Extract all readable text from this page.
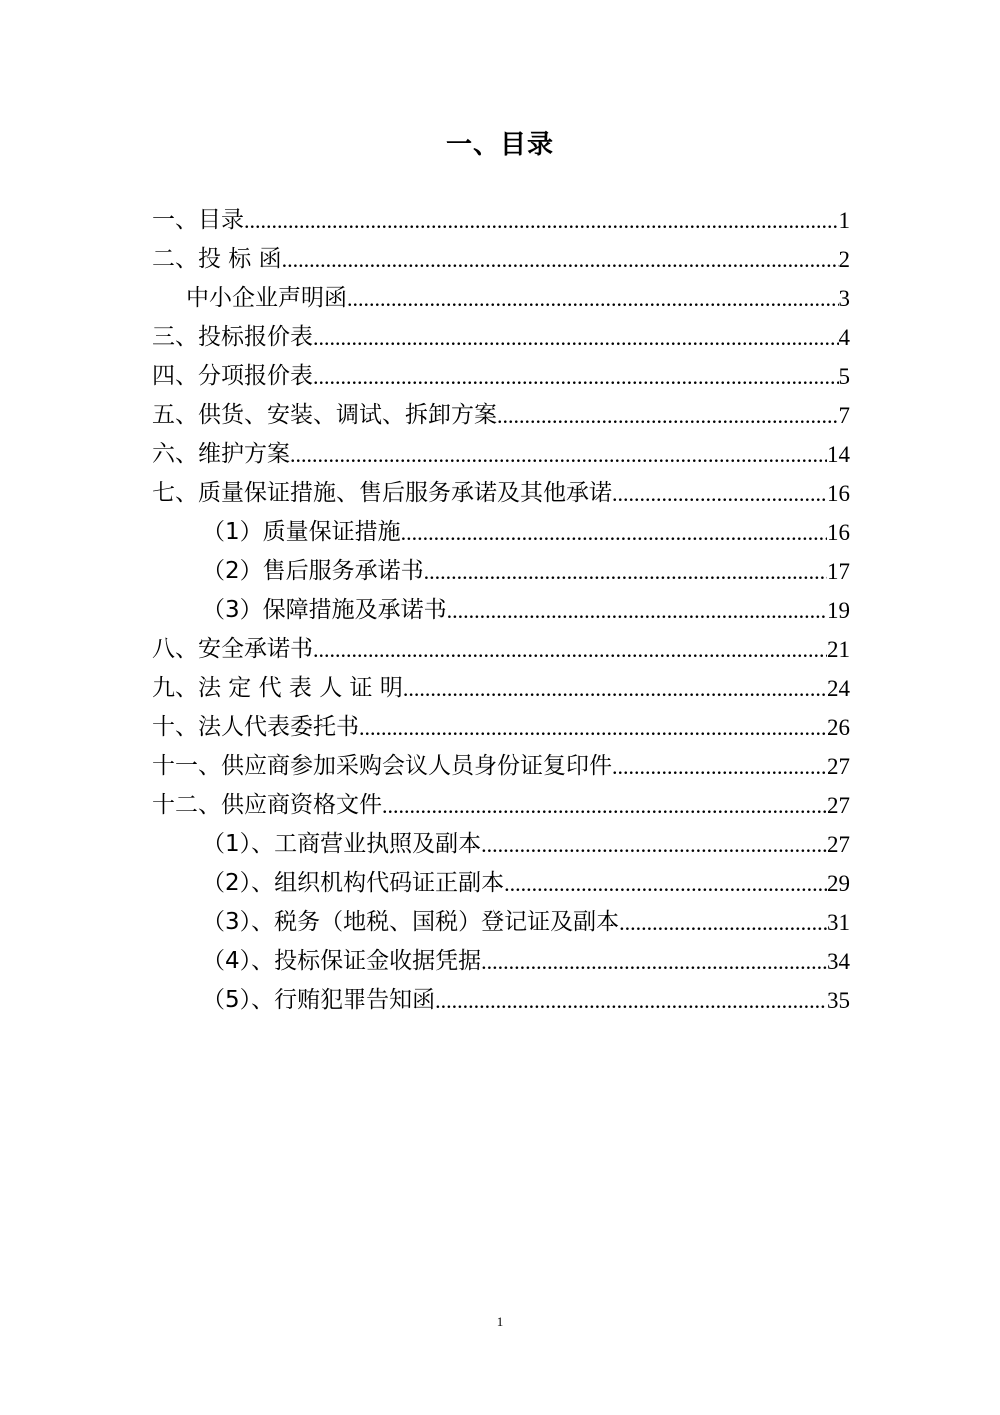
一、目录
一、目录 .....	1
二、投 标 函 .....	2
中小企业声明函 .....	3
三、投标报价表 .....	4
四、分项报价表 .....	5
五、供货、安装、调试、拆卸方案 .....	7
六、维护方案 .....	14
七、质量保证措施、售后服务承诺及其他承诺 .....	16
（1）质量保证措施 .....	16
（2）售后服务承诺书 .....	17
（3）保障措施及承诺书 .....	19
八、安全承诺书 .....	21
九、法 定 代 表 人 证 明 .....	24
十、法人代表委托书 .....	26
十一、供应商参加采购会议人员身份证复印件 .....	27
十二、供应商资格文件 .....	27
（1）、工商营业执照及副本 .....	27
（2）、组织机构代码证正副本 .....	29
（3）、税务（地税、国税）登记证及副本 .....	31
（4）、投标保证金收据凭据 .....	34
（5）、行贿犯罪告知函 .....	35
1
